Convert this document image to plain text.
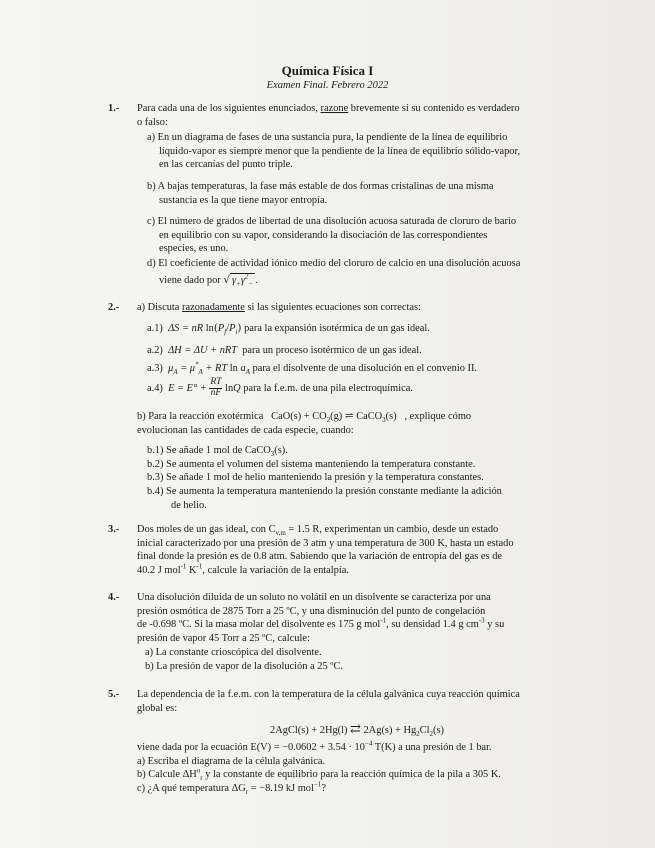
Química Física I
Examen Final. Febrero 2022
1.- Para cada una de los siguientes enunciados, razone brevemente si su contenido es verdadero
o falso:
a) En un diagrama de fases de una sustancia pura, la pendiente de la línea de equilibrio
líquido-vapor es siempre menor que la pendiente de la línea de equilibrio sólido-vapor,
en las cercanías del punto triple.
b) A bajas temperaturas, la fase más estable de dos formas cristalinas de una misma
sustancia es la que tiene mayor entropía.
c) El número de grados de libertad de una disolución acuosa saturada de cloruro de bario
en equilibrio con su vapor, considerando la disociación de las correspondientes
especies, es uno.
d) El coeficiente de actividad iónico medio del cloruro de calcio en una disolución acuosa
viene dado por √ $\gamma_+\gamma^2_-$ .
2.- a) Discuta razonadamente si las siguientes ecuaciones son correctas:
a.1)  ΔS = nR $\ln(P_f/P_i)$ para la expansión isotérmica de un gas ideal.
a.2)  ΔH = ΔU + nRT para un proceso isotérmico de un gas ideal.
a.3)  $\mu_A = \mu^*_A$ + RT $\ln a_A$ para el disolvente de una disolución en el convenio II.
a.4)  $E = E^\circ + \frac{RT}{nF}$ lnQ para la f.e.m. de una pila electroquímica.
b) Para la reacción exotérmica $CaO(s) + CO_2(g)$ ⇌ CaCO$_3$(s) , explique cómo
evolucionan las cantidades de cada especie, cuando:
b.1) Se añade 1 mol de CaCO$_3$(s).
b.2) Se aumenta el volumen del sistema manteniendo la temperatura constante.
b.3) Se añade 1 mol de helio manteniendo la presión y la temperatura constantes.
b.4) Se aumenta la temperatura manteniendo la presión constante mediante la adición
de helio.
3.- Dos moles de un gas ideal, con $C_{v,m} = 1.5$ R, experimentan un cambio, desde un estado
inicial caracterizado por una presión de 3 atm y una temperatura de 300 K, hasta un estado
final donde la presión es de 0.8 atm. Sabiendo que la variación de entropía del gas es de
40.2 J mol$^{-1}$ $K^{-1}$, calcule la variación de la entalpía.
4.- Una disolución diluida de un soluto no volátil en un disolvente se caracteriza por una
presión osmótica de 2875 Torr a 25 ºC, y una disminución del punto de congelación
de -0.698 ºC. Si la masa molar del disolvente es 175 g mol$^{-1}$, su densidad 1.4 g $cm^{-3}$ y su
presión de vapor 45 Torr a 25 ºC, calcule:
a) La constante crioscópica del disolvente.
b) La presión de vapor de la disolución a 25 ºC.
5.- La dependencia de la f.e.m. con la temperatura de la célula galvánica cuya reacción química
global es:
2AgCl(s) + 2Hg(l) ⇄ $2Ag(s) + Hg_2Cl_2(s)$
viene dada por la ecuación $E(V) = -0.0602 + 3.54 \cdot 10^{-4}$ T(K) a una presión de 1 bar.
a) Escriba el diagrama de la célula galvánica.
b) Calcule $\Delta H^o_r$ y la constante de equilibrio para la reacción química de la pila a 305 K.
c) ¿A qué temperatura $\Delta G_r = -8.19$ kJ mol$^{-1}$?
